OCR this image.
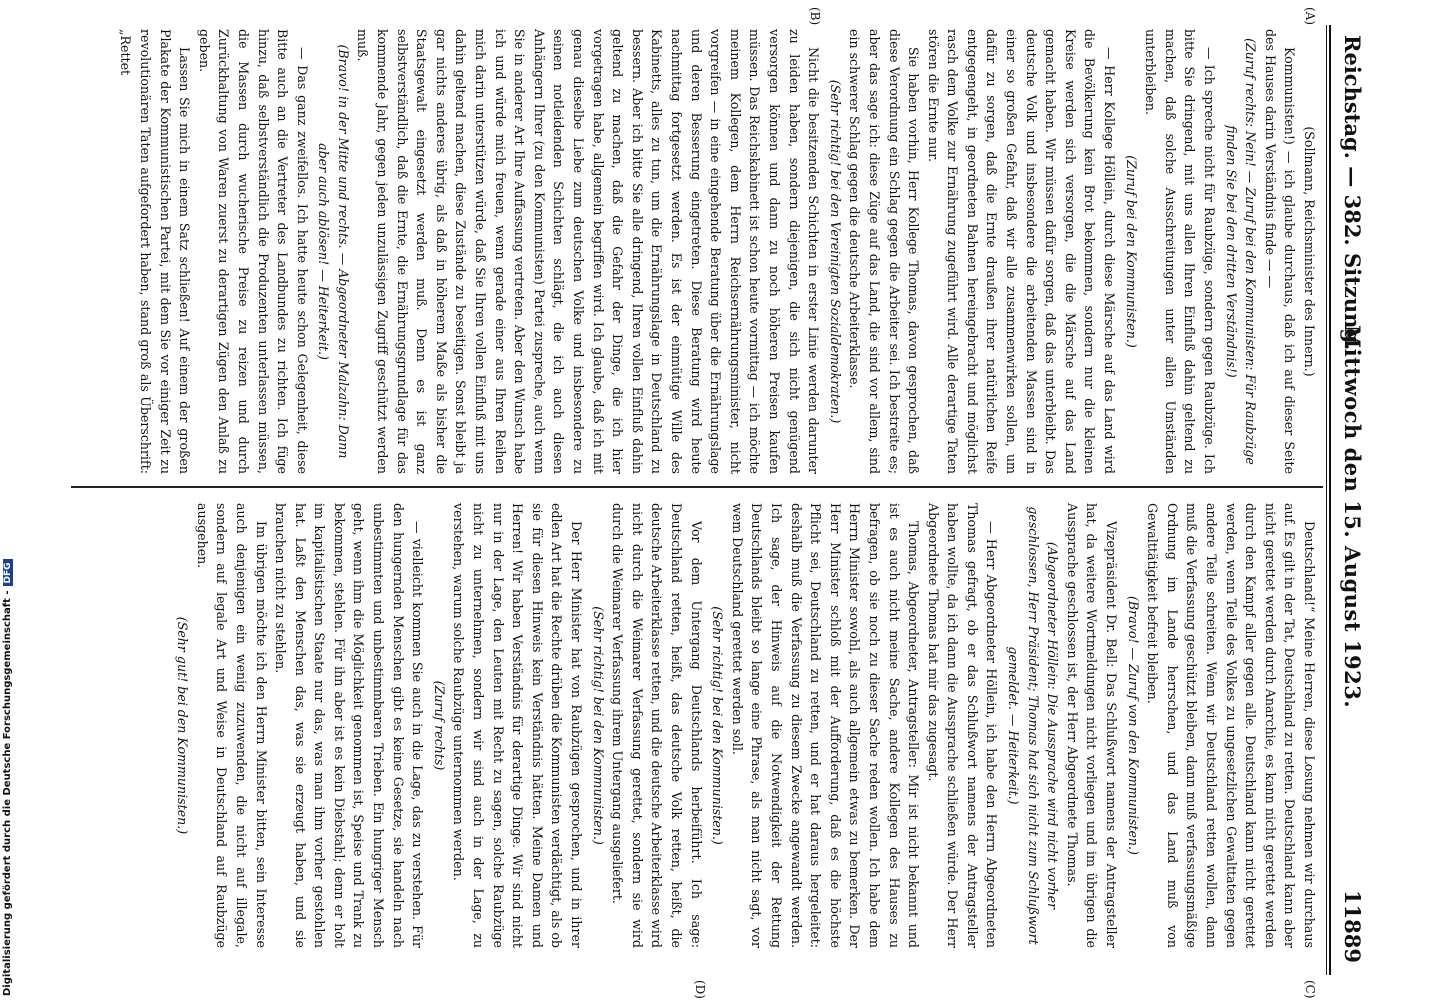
Digitalisierung gefördert durch die Deutsche Forschungsgemeinschaft -DFG
Reichstag. — 382. Sitzung.
Mittwoch den 15. August 1923.
11889
(A)
(B)
(C)
(D)

(Sollmann, Reichsminister des Innern.)

Kommunisten!) — ich glaube durchaus, daß ich auf dieser Seite des Hauses darin Verständnis finde — —

(Zuruf rechts: Nein! — Zuruf bei den Kommunisten: Für Raubzüge finden Sie bei den dritten Verständnis!)

— Ich spreche nicht für Raubzüge, sondern gegen Raubzüge. Ich bitte Sie dringend, mit uns allen Ihren Einfluß dahin geltend zu machen, daß solche Ausschreitungen unter allen Umständen unterbleiben.

(Zuruf bei den Kommunisten.)

— Herr Kollege Höllein, durch diese Märsche auf das Land wird die Bevölkerung kein Brot bekommen, sondern nur die kleinen Kreise werden sich versorgen, die die Märsche auf das Land gemacht haben. Wir müssen dafür sorgen, daß das unterbleibt. Das deutsche Volk und insbesondere die arbeitenden Massen sind in einer so großen Gefahr, daß wir alle zusammenwirken sollen, um dafür zu sorgen, daß die Ernte draußen ihrer natürlichen Reife entgegengeht, in geordneten Bahnen hereingebracht und möglichst rasch dem Volke zur Ernährung zugeführt wird. Alle derartige Taten stören die Ernte nur.

Sie haben vorhin, Herr Kollege Thomas, davon gesprochen, daß diese Verordnung ein Schlag gegen die Arbeiter sei. Ich bestreite es; aber das sage ich: diese Züge auf das Land, die sind vor allem, sind ein schwerer Schlag gegen die deutsche Arbeiterklasse.

(Sehr richtig! bei den Vereinigten Sozialdemokraten.)

Nicht die besitzenden Schichten in erster Linie werden darunter zu leiden haben, sondern diejenigen, die sich nicht genügend versorgen können und dann zu noch höheren Preisen kaufen müssen. Das Reichskabinett ist schon heute vormittag — ich möchte meinem Kollegen, dem Herrn Reichsernährungsminister, nicht vorgreifen — in eine eingehende Beratung über die Ernährungslage und deren Besserung eingetreten. Diese Beratung wird heute nachmittag fortgesetzt werden. Es ist der einmütige Wille des Kabinetts, alles zu tun, um die Ernährungslage in Deutschland zu bessern. Aber ich bitte Sie alle dringend, Ihren vollen Einfluß dahin geltend zu machen, daß die Gefahr der Dinge, die ich hier vorgetragen habe, allgemein begriffen wird. Ich glaube, daß ich mit genau dieselbe Liebe zum deutschen Volke und insbesondere zu seinen notleidenden Schichten schlägt, die ich auch diesen Anhängern Ihrer (zu den Kommunisten) Partei zuspreche, auch wenn Sie in anderer Art Ihre Auffassung vertreten. Aber den Wunsch habe ich und würde mich freuen, wenn gerade einer aus Ihren Reihen mich darin unterstützen würde, daß Sie Ihren vollen Einfluß mit uns dahin geltend machen, diese Zustände zu beseitigen. Sonst bleibt ja gar nichts anderes übrig, als daß in höherem Maße als bisher die Staatsgewalt eingesetzt werden muß. Denn es ist ganz selbstverständlich, daß die Ernte, die Ernährungsgrundlage für das kommende Jahr, gegen jeden unzulässigen Zugriff geschützt werden muß.

(Bravo! in der Mitte und rechts. — Abgeordneter Malzahn: Dann aber auch ablösen! — Heiterkeit.)

— Das ganz zweifellos. Ich hatte heute schon Gelegenheit, diese Bitte auch an die Vertreter des Landbundes zu richten. Ich füge hinzu, daß selbstverständlich die Produzenten unterlassen müssen, die Massen durch wucherische Preise zu reizen und durch Zurückhaltung von Waren zuerst zu derartigen Zügen den Anlaß zu geben.

Lassen Sie mich in einem Satz schließen! Auf einem der großen Plakate der Kommunistischen Partei, mit dem Sie vor einiger Zeit zu revolutionären Taten aufgefordert haben, stand groß als Überschrift: „Rettet

Deutschland!“ Meine Herren, diese Losung nehmen wir durchaus auf. Es gilt in der Tat, Deutschland zu retten. Deutschland kann aber nicht gerettet werden durch Anarchie, es kann nicht gerettet werden durch den Kampf aller gegen alle. Deutschland kann nicht gerettet werden, wenn Teile des Volkes zu ungesetzlichen Gewalttaten gegen andere Teile schreiten. Wenn wir Deutschland retten wollen, dann muß die Verfassung geschützt bleiben, dann muß verfassungsmäßige Ordnung im Lande herrschen, und das Land muß von Gewalttätigkeit befreit bleiben.

(Bravo! — Zuruf von den Kommunisten.)

Vizepräsident Dr. Bell: Das Schlußwort namens der Antragsteller hat, da weitere Wortmeldungen nicht vorliegen und im übrigen die Aussprache geschlossen ist, der Herr Abgeordnete Thomas.

(Abgeordneter Höllein: Die Aussprache wird nicht vorher geschlossen, Herr Präsident; Thomas hat sich nicht zum Schlußwort gemeldet. — Heiterkeit.)

— Herr Abgeordneter Höllein, ich habe den Herrn Abgeordneten Thomas gefragt, ob er das Schlußwort namens der Antragsteller haben wollte, da ich dann die Aussprache schließen würde. Der Herr Abgeordnete Thomas hat mir das zugesagt.

Thomas, Abgeordneter, Antragsteller: Mir ist nicht bekannt und ist es auch nicht meine Sache, andere Kollegen des Hauses zu befragen, ob sie noch zu dieser Sache reden wollen. Ich habe dem Herrn Minister sowohl, als auch allgemein etwas zu bemerken. Der Herr Minister schloß mit der Aufforderung, daß es die höchste Pflicht sei, Deutschland zu retten, und er hat daraus hergeleitet: deshalb muß die Verfassung zu diesem Zwecke angewandt werden. Ich sage, der Hinweis auf die Notwendigkeit der Rettung Deutschlands bleibt so lange eine Phrase, als man nicht sagt, vor wem Deutschland gerettet werden soll.

(Sehr richtig! bei den Kommunisten.)

Vor dem Untergang Deutschlands herbeiführt. Ich sage: Deutschland retten, heißt, das deutsche Volk retten, heißt, die deutsche Arbeiterklasse retten, und die deutsche Arbeiterklasse wird nicht durch die Weimarer Verfassung gerettet, sondern sie wird durch die Weimarer Verfassung ihrem Untergang ausgeliefert.

(Sehr richtig! bei den Kommunisten.)

Der Herr Minister hat von Raubzügen gesprochen, und in ihrer edlen Art hat die Rechte drüben die Kommunisten verdächtigt, als ob sie für diesen Hinweis kein Verständnis hätten. Meine Damen und Herren! Wir haben Verständnis für derartige Dinge. Wir sind nicht nur in der Lage, den Leuten mit Recht zu sagen, solche Raubzüge nicht zu unternehmen, sondern wir sind auch in der Lage, zu verstehen, warum solche Raubzüge unternommen werden.

(Zuruf rechts)

— vielleicht kommen Sie auch in die Lage, das zu verstehen. Für den hungernden Menschen gibt es keine Gesetze, sie handeln nach unbestimmten und unbestimmbaren Trieben. Ein hungriger Mensch geht, wenn ihm die Möglichkeit genommen ist, Speise und Trank zu bekommen, stehlen. Für ihn aber ist es kein Diebstahl; denn er holt im kapitalistischen Staate nur das, was man ihm vorher gestohlen hat. Laßt den Menschen das, was sie erzeugt haben, und sie brauchen nicht zu stehlen.

Im übrigen möchte ich den Herrn Minister bitten, sein Interesse auch denjenigen ein wenig zuzuwenden, die nicht auf illegale, sondern auf legale Art und Weise in Deutschland auf Raubzüge ausgehen.

(Sehr gut! bei den Kommunisten.)
